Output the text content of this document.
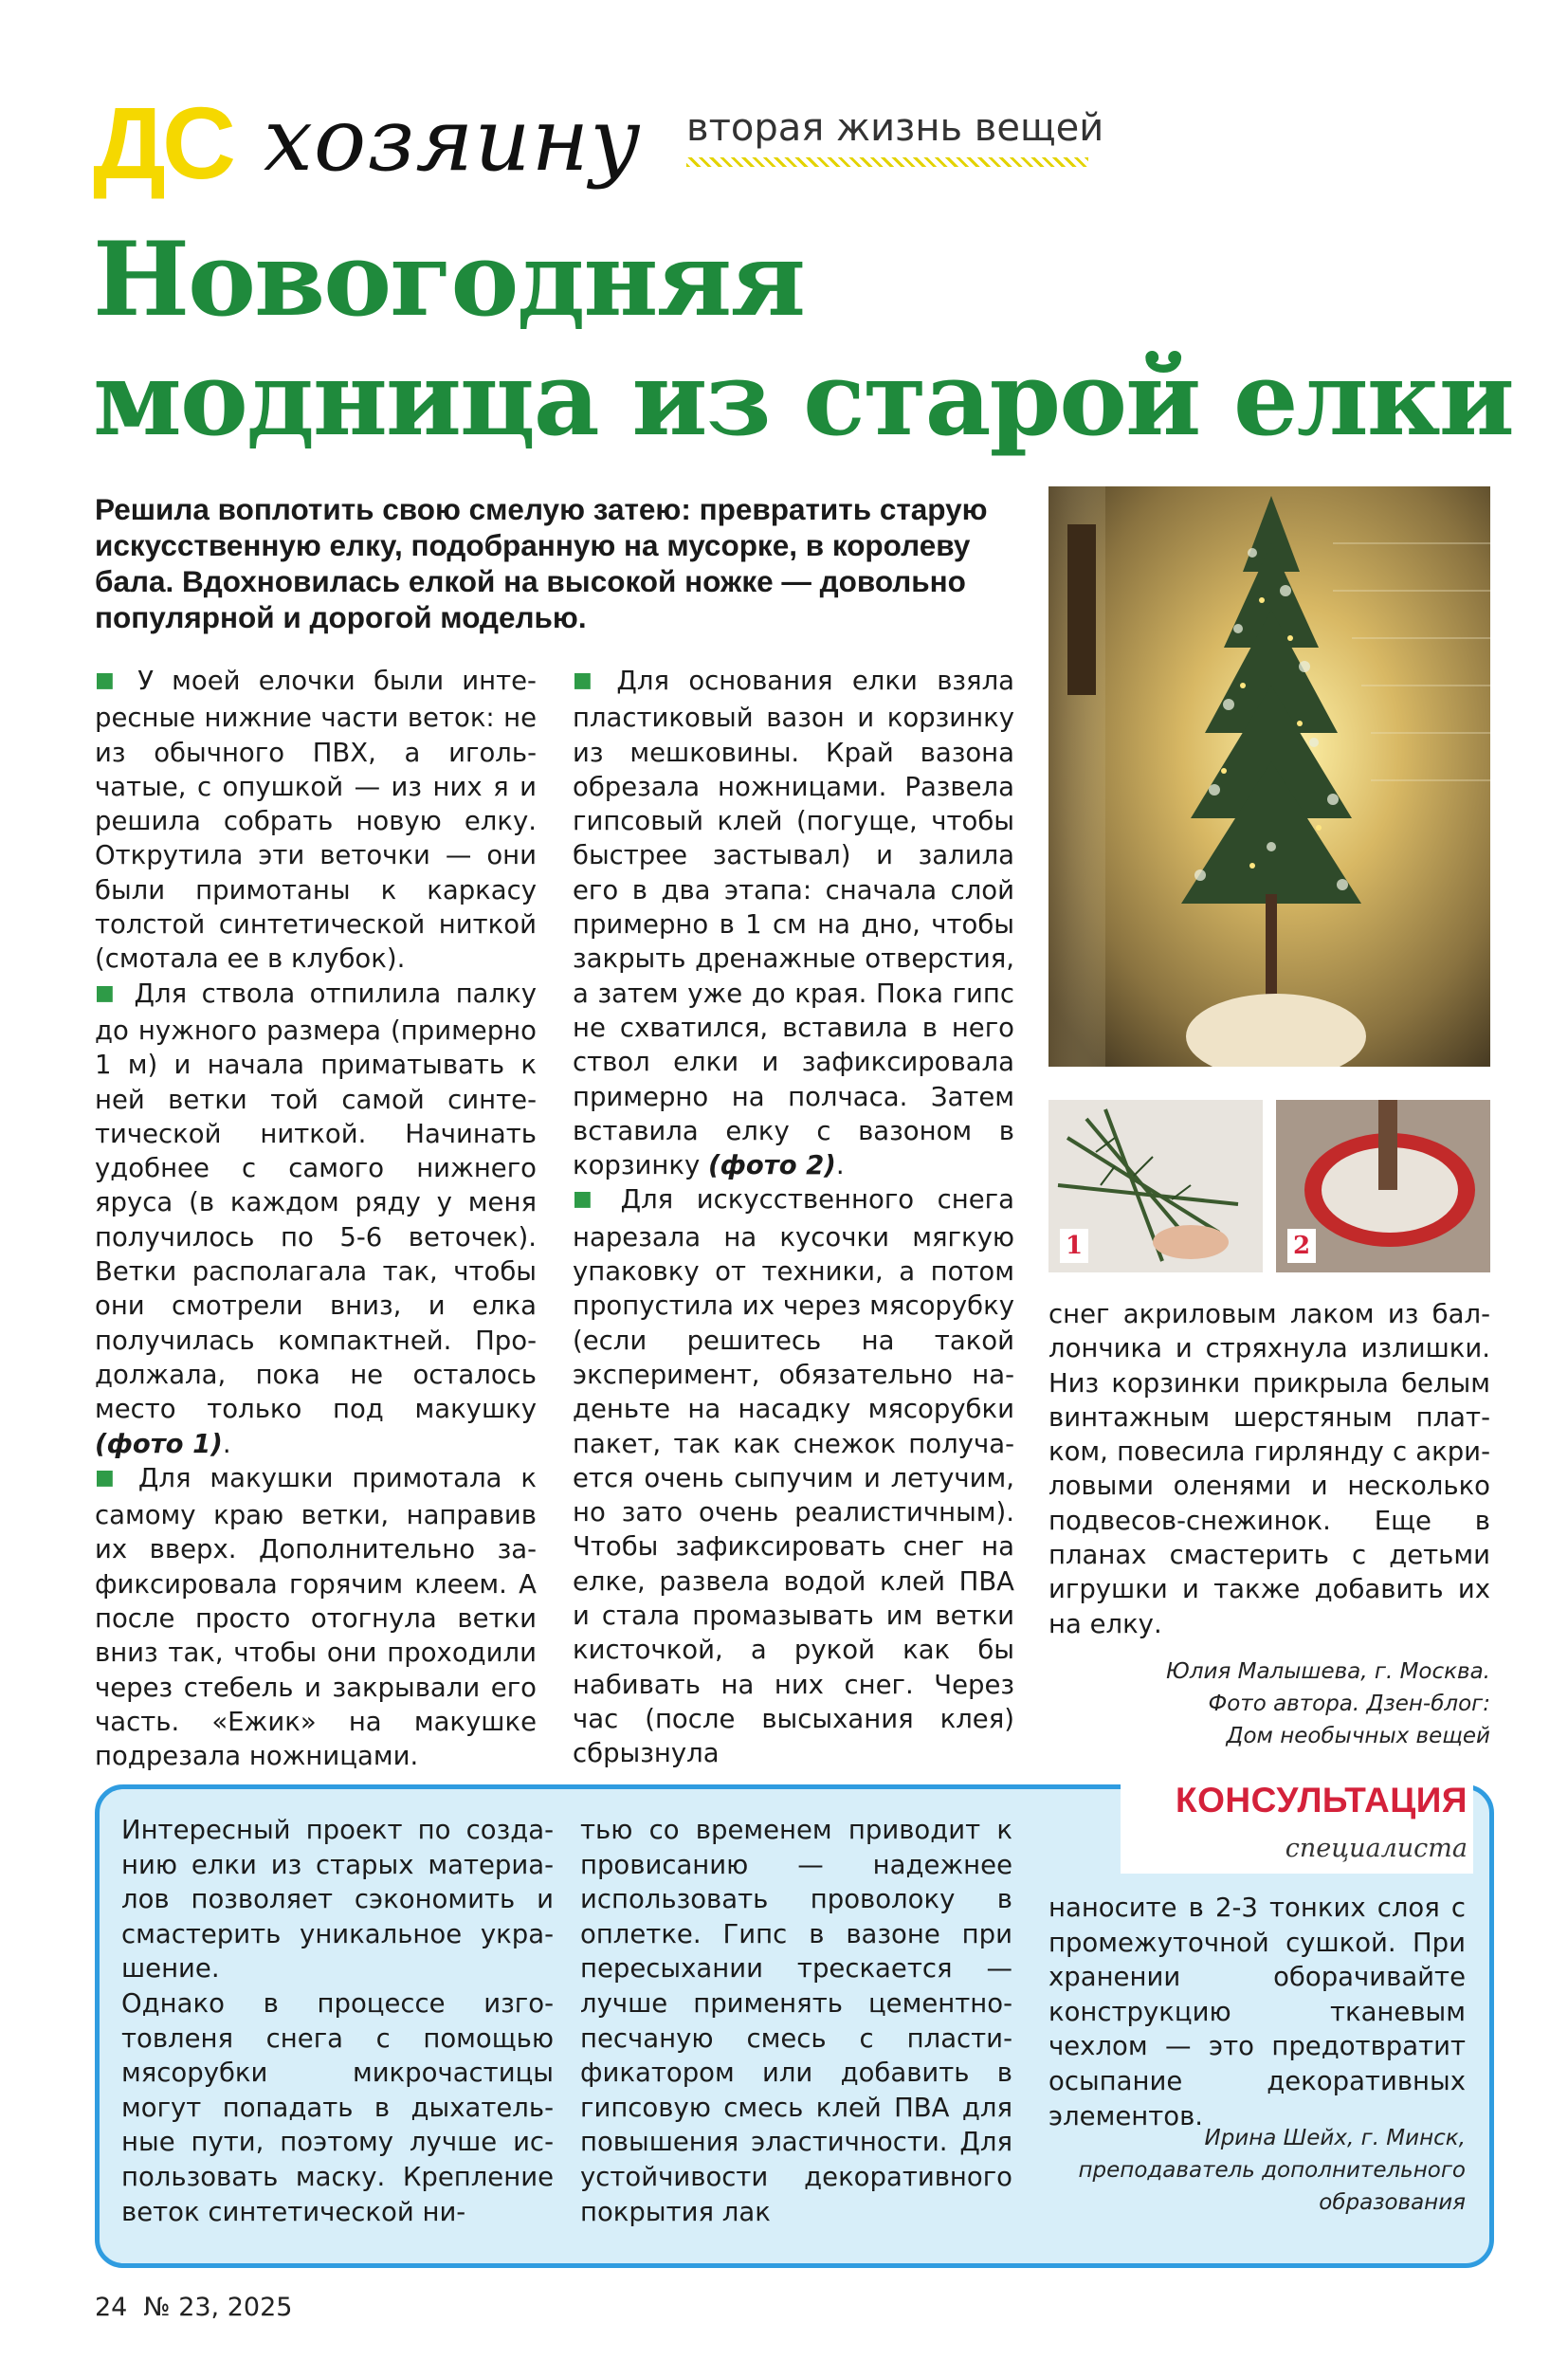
ДС хозяину вторая жизнь вещей
Новогодняя
модница из старой елки
Решила воплотить свою смелую затею: превратить старую искусственную елку, подобранную на мусорке, в королеву бала. Вдохновилась елкой на высокой ножке — довольно популярной и дорогой моделью.

■ У моей елочки были интересные нижние части веток: не из обычного ПВХ, а игольчатые, с опушкой — из них я и решила собрать новую елку. Открутила эти веточки — они были примотаны к каркасу толстой синтетической ниткой (смотала ее в клубок).

■ Для ствола отпилила палку до нужного размера (примерно 1 м) и начала приматывать к ней ветки той самой синтетической ниткой. Начинать удобнее с самого нижнего яруса (в каждом ряду у меня получилось по 5-6 веточек). Ветки располагала так, чтобы они смотрели вниз, и елка получилась компактней. Продолжала, пока не осталось место только под макушку (фото 1).

■ Для макушки примотала к самому краю ветки, направив их вверх. Дополнительно зафиксировала горячим клеем. А после просто отогнула ветки вниз так, чтобы они проходили через стебель и закрывали его часть. «Ежик» на макушке подрезала ножницами.

■ Для основания елки взяла пластиковый вазон и корзинку из мешковины. Край вазона обрезала ножницами. Развела гипсовый клей (погуще, чтобы быстрее застывал) и залила его в два этапа: сначала слой примерно в 1 см на дно, чтобы закрыть дренажные отверстия, а затем уже до края. Пока гипс не схватился, вставила в него ствол елки и зафиксировала примерно на полчаса. Затем вставила елку с вазоном в корзинку (фото 2).

■ Для искусственного снега нарезала на кусочки мягкую упаковку от техники, а потом пропустила их через мясорубку (если решитесь на такой эксперимент, обязательно наденьте на насадку мясорубки пакет, так как снежок получается очень сыпучим и летучим, но зато очень реалистичным). Чтобы зафиксировать снег на елке, развела водой клей ПВА и стала промазывать им ветки кисточкой, а рукой как бы набивать на них снег. Через час (после высыхания клея) сбрызнула

1	2

снег акриловым лаком из баллончика и стряхнула излишки. Низ корзинки прикрыла белым винтажным шерстяным платком, повесила гирлянду с акриловыми оленями и несколько подвесов-снежинок. Еще в планах смастерить с детьми игрушки и также добавить их на елку.

Юлия Малышева, г. Москва.
Фото автора. Дзен-блог:
Дом необычных вещей
КОНСУЛЬТАЦИЯ
специалиста

Интересный проект по созданию елки из старых материалов позволяет сэкономить и смастерить уникальное украшение.

Однако в процессе изготовленя снега с помощью мясорубки микрочастицы могут попадать в дыхательные пути, поэтому лучше использовать маску. Крепление веток синтетической ни-

тью со временем приводит к провисанию — надежнее использовать проволоку в оплетке. Гипс в вазоне при пересыхании трескается — лучше применять цементно-песчаную смесь с пластификатором или добавить в гипсовую смесь клей ПВА для повышения эластичности. Для устойчивости декоративного покрытия лак

наносите в 2-3 тонких слоя с промежуточной сушкой. При хранении оборачивайте конструкцию тканевым чехлом — это предотвратит осыпание декоративных элементов.

Ирина Шейх, г. Минск,
преподаватель дополнительного
образования
24 № 23, 2025
